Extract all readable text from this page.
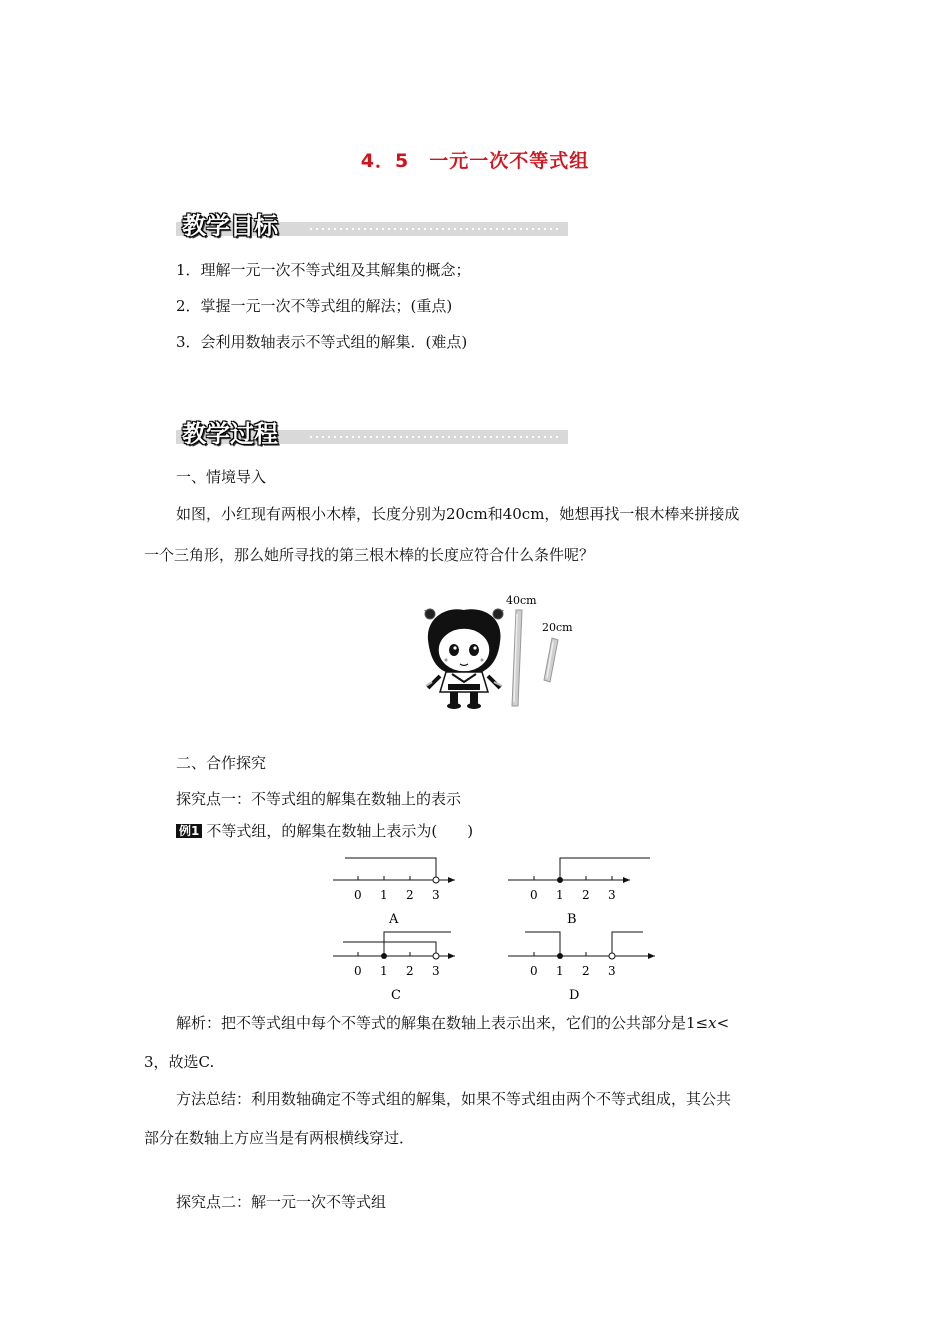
4．5　一元一次不等式组
教学目标
1．理解一元一次不等式组及其解集的概念；
2．掌握一元一次不等式组的解法；(重点)
3．会利用数轴表示不等式组的解集．(难点)
教学过程
一、情境导入
如图，小红现有两根小木棒，长度分别为20cm和40cm，她想再找一根木棒来拼接成
一个三角形，那么她所寻找的第三根木棒的长度应符合什么条件呢？
40cm
20cm
二、合作探究
探究点一：不等式组的解集在数轴上的表示
例1 不等式组，的解集在数轴上表示为(　　)
0 1 2 3
A
0 1 2 3
B
0 1 2 3
C
0 1 2 3
D
解析：把不等式组中每个不等式的解集在数轴上表示出来，它们的公共部分是1≤x<
3，故选C.
方法总结：利用数轴确定不等式组的解集，如果不等式组由两个不等式组成，其公共
部分在数轴上方应当是有两根横线穿过．
探究点二：解一元一次不等式组
